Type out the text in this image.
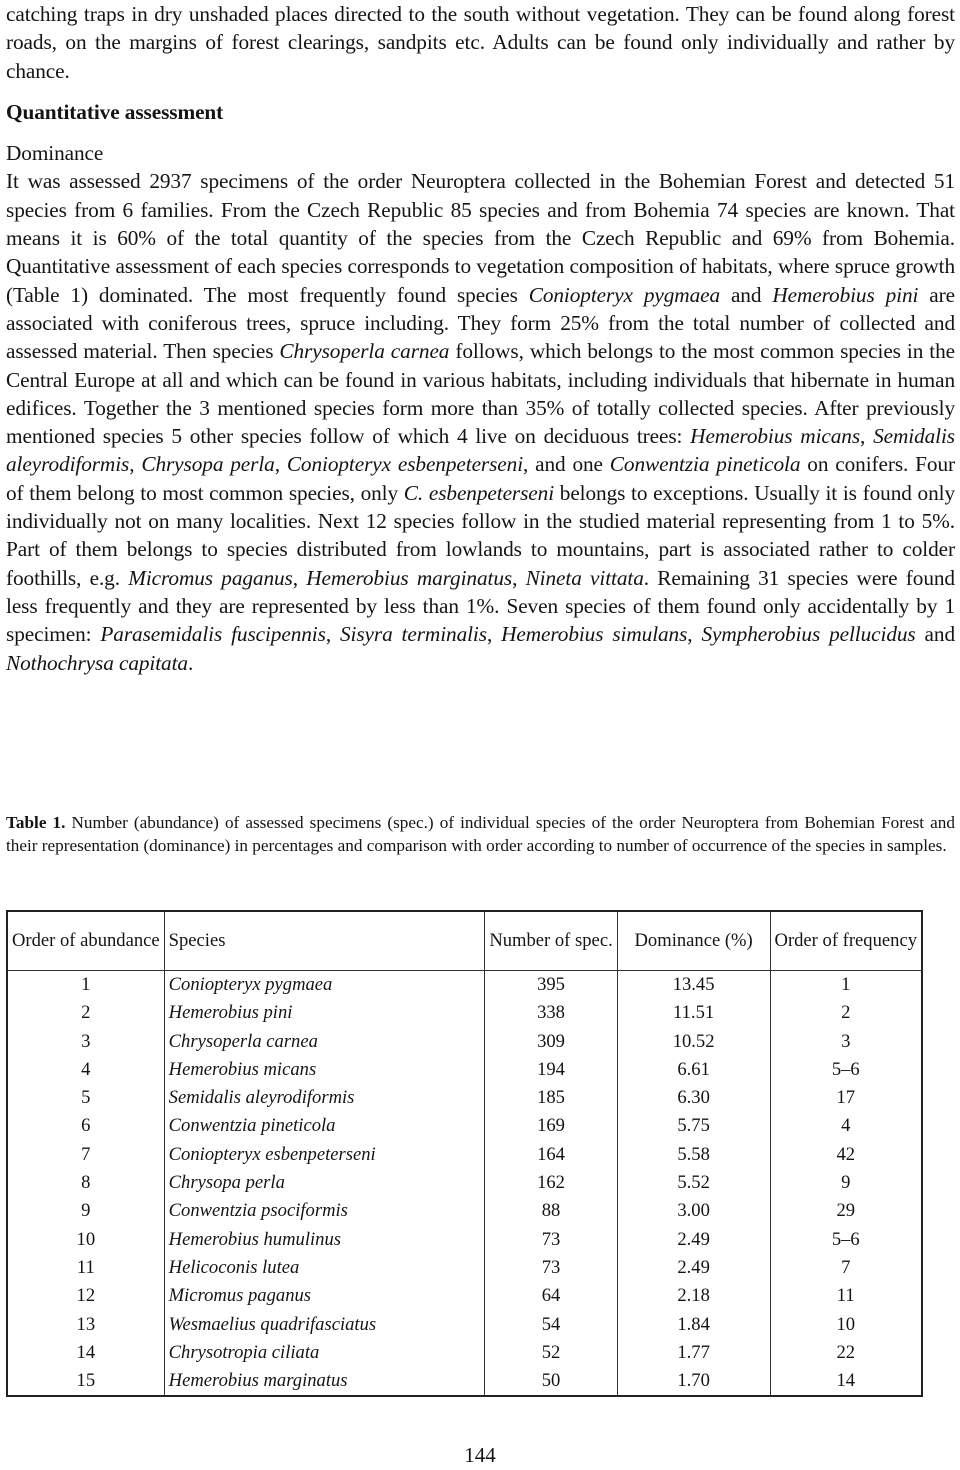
catching traps in dry unshaded places directed to the south without vegetation. They can be found along forest roads, on the margins of forest clearings, sandpits etc. Adults can be found only individually and rather by chance.

Quantitative assessment

Dominance

It was assessed 2937 specimens of the order Neuroptera collected in the Bohemian Forest and detected 51 species from 6 families. From the Czech Republic 85 species and from Bohemia 74 species are known. That means it is 60% of the total quantity of the species from the Czech Republic and 69% from Bohemia. Quantitative assessment of each species corresponds to vegetation composition of habitats, where spruce growth (Table 1) dominated. The most frequently found species Coniopteryx pygmaea and Hemerobius pini are associated with coniferous trees, spruce including. They form 25% from the total number of collected and assessed material. Then species Chrysoperla carnea follows, which belongs to the most common species in the Central Europe at all and which can be found in various habitats, including individuals that hibernate in human edifices. Together the 3 mentioned species form more than 35% of totally collected species. After previously mentioned species 5 other species follow of which 4 live on deciduous trees: Hemerobius micans, Semidalis aleyrodiformis, Chrysopa perla, Coniopteryx esbenpeterseni, and one Conwentzia pineticola on conifers. Four of them belong to most common species, only C. esbenpeterseni belongs to exceptions. Usually it is found only individually not on many localities. Next 12 species follow in the studied material representing from 1 to 5%. Part of them belongs to species distributed from lowlands to mountains, part is associated rather to colder foothills, e.g. Micromus paganus, Hemerobius marginatus, Nineta vittata. Remaining 31 species were found less frequently and they are represented by less than 1%. Seven species of them found only accidentally by 1 specimen: Parasemidalis fuscipennis, Sisyra terminalis, Hemerobius simulans, Sympherobius pellucidus and Nothochrysa capitata.

Table 1. Number (abundance) of assessed specimens (spec.) of individual species of the order Neuroptera from Bohemian Forest and their representation (dominance) in percentages and comparison with order according to number of occurrence of the species in samples.
Order of abundance	Species	Number of spec.	Dominance (%)	Order of frequency
1	Coniopteryx pygmaea	395	13.45	1
2	Hemerobius pini	338	11.51	2
3	Chrysoperla carnea	309	10.52	3
4	Hemerobius micans	194	6.61	5–6
5	Semidalis aleyrodiformis	185	6.30	17
6	Conwentzia pineticola	169	5.75	4
7	Coniopteryx esbenpeterseni	164	5.58	42
8	Chrysopa perla	162	5.52	9
9	Conwentzia psociformis	88	3.00	29
10	Hemerobius humulinus	73	2.49	5–6
11	Helicoconis lutea	73	2.49	7
12	Micromus paganus	64	2.18	11
13	Wesmaelius quadrifasciatus	54	1.84	10
14	Chrysotropia ciliata	52	1.77	22
15	Hemerobius marginatus	50	1.70	14
144
